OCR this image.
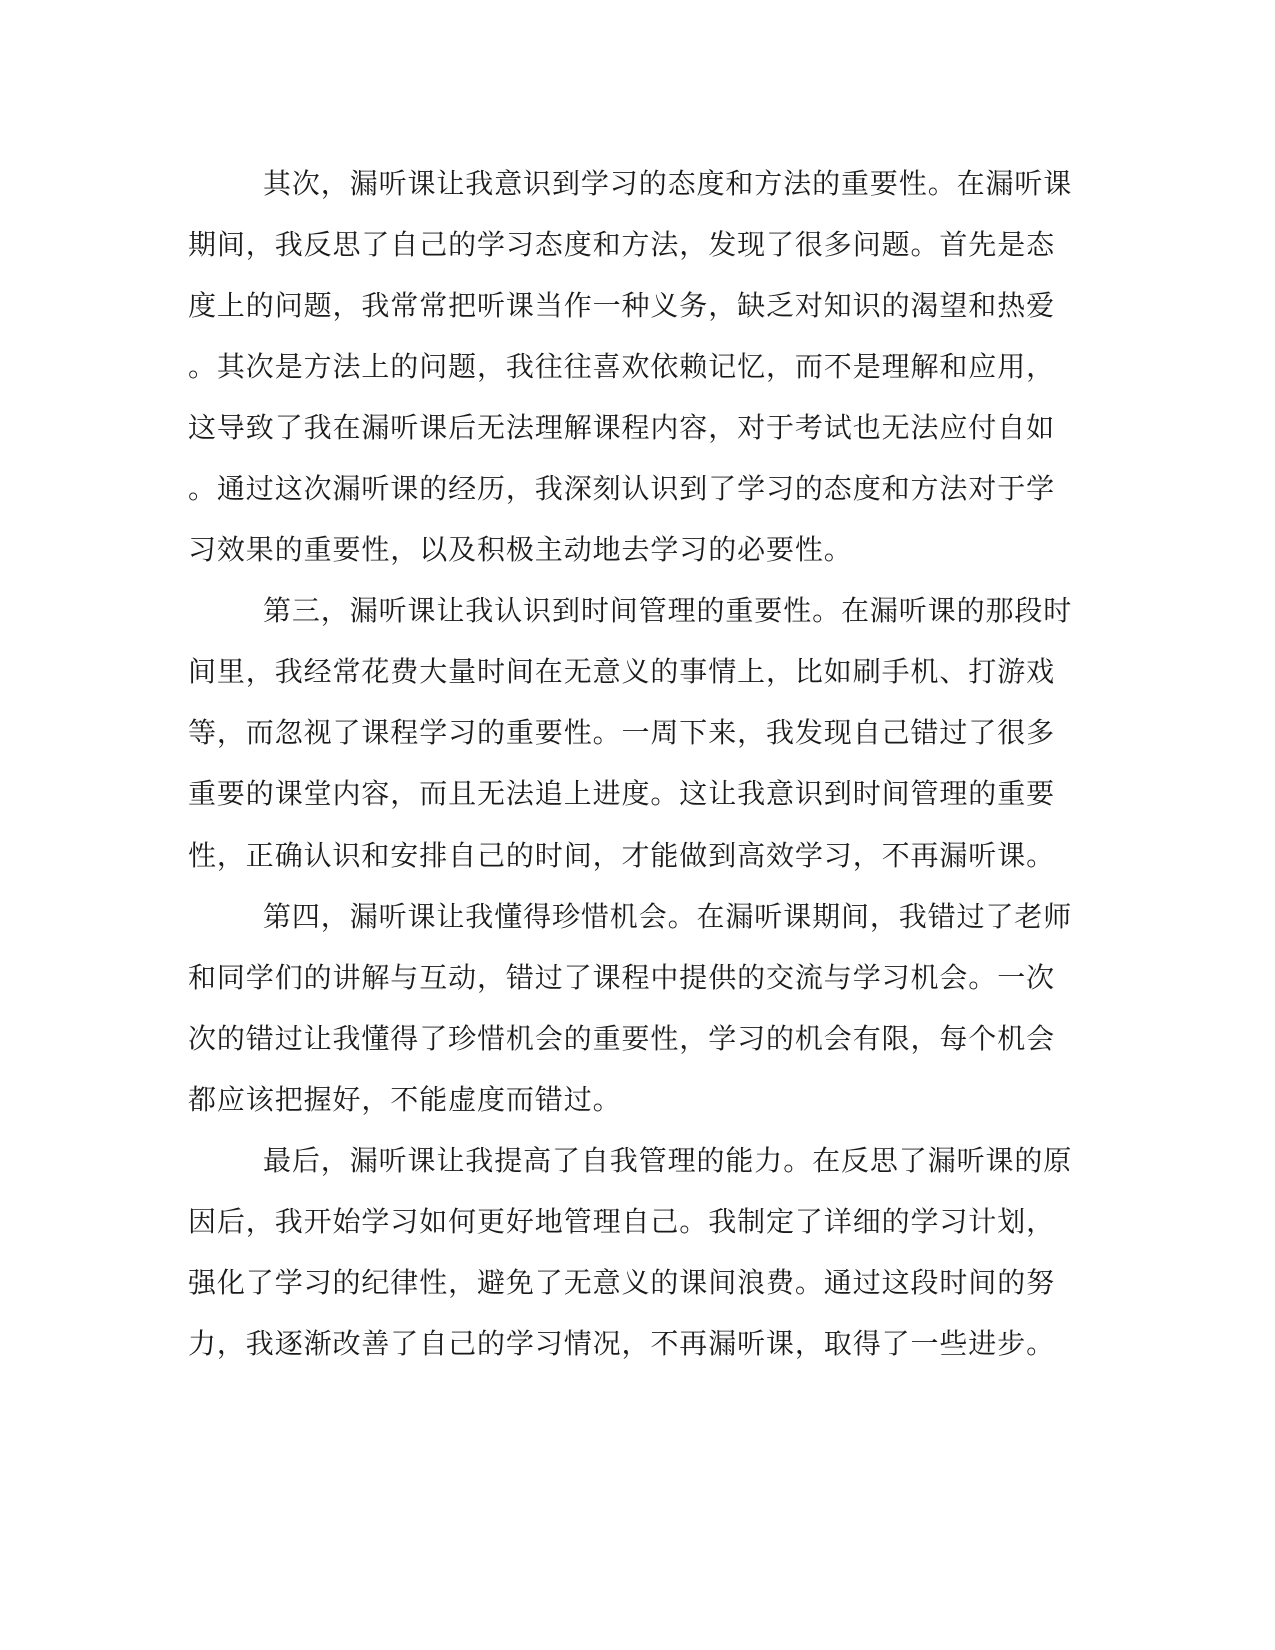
其次，漏听课让我意识到学习的态度和方法的重要性。在漏听课
期间，我反思了自己的学习态度和方法，发现了很多问题。首先是态
度上的问题，我常常把听课当作一种义务，缺乏对知识的渴望和热爱
。其次是方法上的问题，我往往喜欢依赖记忆，而不是理解和应用，
这导致了我在漏听课后无法理解课程内容，对于考试也无法应付自如
。通过这次漏听课的经历，我深刻认识到了学习的态度和方法对于学
习效果的重要性，以及积极主动地去学习的必要性。
第三，漏听课让我认识到时间管理的重要性。在漏听课的那段时
间里，我经常花费大量时间在无意义的事情上，比如刷手机、打游戏
等，而忽视了课程学习的重要性。一周下来，我发现自己错过了很多
重要的课堂内容，而且无法追上进度。这让我意识到时间管理的重要
性，正确认识和安排自己的时间，才能做到高效学习，不再漏听课。
第四，漏听课让我懂得珍惜机会。在漏听课期间，我错过了老师
和同学们的讲解与互动，错过了课程中提供的交流与学习机会。一次
次的错过让我懂得了珍惜机会的重要性，学习的机会有限，每个机会
都应该把握好，不能虚度而错过。
最后，漏听课让我提高了自我管理的能力。在反思了漏听课的原
因后，我开始学习如何更好地管理自己。我制定了详细的学习计划，
强化了学习的纪律性，避免了无意义的课间浪费。通过这段时间的努
力，我逐渐改善了自己的学习情况，不再漏听课，取得了一些进步。
